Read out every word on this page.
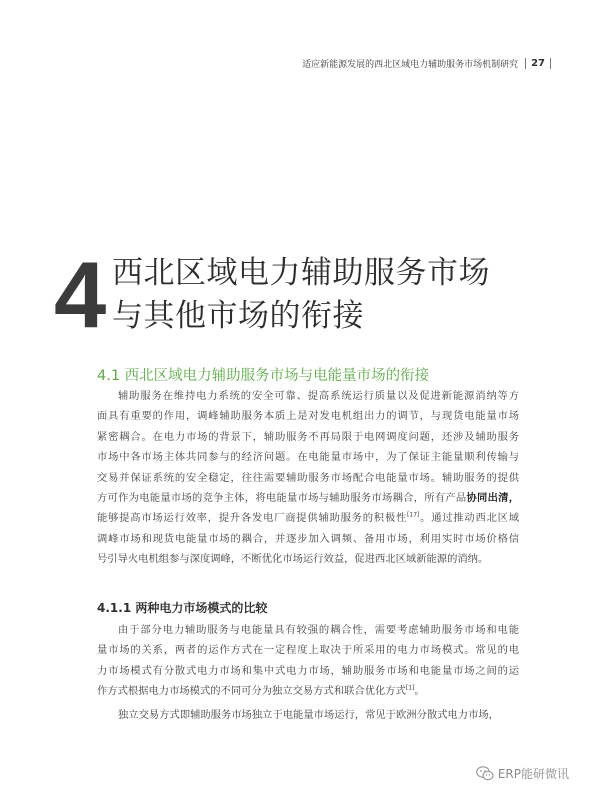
适应新能源发展的西北区域电力辅助服务市场机制研究 27
4 西北区域电力辅助服务市场
与其他市场的衔接
4.1 西北区域电力辅助服务市场与电能量市场的衔接
辅助服务在维持电力系统的安全可靠、提高系统运行质量以及促进新能源消纳等方
面具有重要的作用，调峰辅助服务本质上是对发电机组出力的调节，与现货电能量市场
紧密耦合。在电力市场的背景下，辅助服务不再局限于电网调度问题，还涉及辅助服务
市场中各市场主体共同参与的经济问题。在电能量市场中，为了保证主能量顺利传输与
交易并保证系统的安全稳定，往往需要辅助服务市场配合电能量市场。辅助服务的提供
方可作为电能量市场的竞争主体，将电能量市场与辅助服务市场耦合，所有产品协同出清，
能够提高市场运行效率，提升各发电厂商提供辅助服务的积极性[17]。通过推动西北区域
调峰市场和现货电能量市场的耦合，并逐步加入调频、备用市场，利用实时市场价格信
号引导火电机组参与深度调峰，不断优化市场运行效益，促进西北区域新能源的消纳。
4.1.1 两种电力市场模式的比较
由于部分电力辅助服务与电能量具有较强的耦合性，需要考虑辅助服务市场和电能
量市场的关系，两者的运作方式在一定程度上取决于所采用的电力市场模式。常见的电
力市场模式有分散式电力市场和集中式电力市场，辅助服务市场和电能量市场之间的运
作方式根据电力市场模式的不同可分为独立交易方式和联合优化方式[1]。
独立交易方式即辅助服务市场独立于电能量市场运行，常见于欧洲分散式电力市场，
ERP能研微讯
